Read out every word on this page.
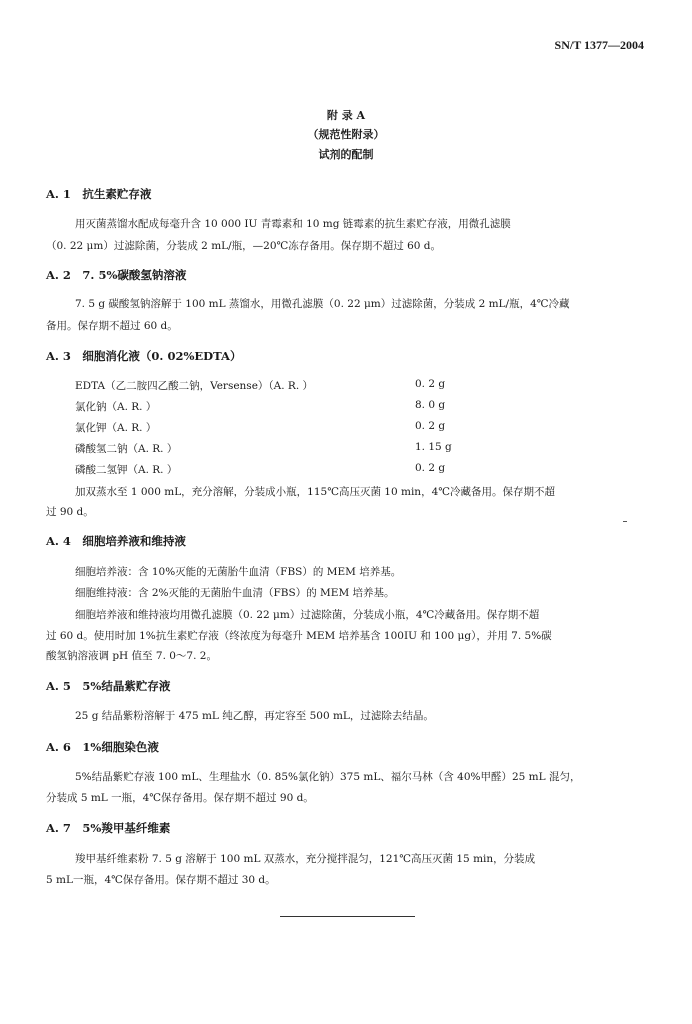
SN/T 1377—2004
附 录 A
（规范性附录）
试剂的配制
A. 1　抗生素贮存液
用灭菌蒸馏水配成每毫升含 10 000 IU 青霉素和 10 mg 链霉素的抗生素贮存液，用微孔滤膜
（0. 22 μm）过滤除菌，分装成 2 mL/瓶，—20℃冻存备用。保存期不超过 60 d。
A. 2　7. 5%碳酸氢钠溶液
7. 5 g 碳酸氢钠溶解于 100 mL 蒸馏水，用微孔滤膜（0. 22 μm）过滤除菌，分装成 2 mL/瓶，4℃冷藏
备用。保存期不超过 60 d。
A. 3　细胞消化液（0. 02%EDTA）
EDTA（乙二胺四乙酸二钠，Versense）（A. R. ）	0. 2 g
氯化钠（A. R. ）	8. 0 g
氯化钾（A. R. ）	0. 2 g
磷酸氢二钠（A. R. ）	1. 15 g
磷酸二氢钾（A. R. ）	0. 2 g
加双蒸水至 1 000 mL，充分溶解，分装成小瓶，115℃高压灭菌 10 min，4℃冷藏备用。保存期不超
过 90 d。
A. 4　细胞培养液和维持液
细胞培养液：含 10%灭能的无菌胎牛血清（FBS）的 MEM 培养基。
细胞维持液：含 2%灭能的无菌胎牛血清（FBS）的 MEM 培养基。
细胞培养液和维持液均用微孔滤膜（0. 22 μm）过滤除菌，分装成小瓶，4℃冷藏备用。保存期不超
过 60 d。使用时加 1%抗生素贮存液（终浓度为每毫升 MEM 培养基含 100IU 和 100 μg），并用 7. 5%碳
酸氢钠溶液调 pH 值至 7. 0～7. 2。
A. 5　5%结晶紫贮存液
25 g 结晶紫粉溶解于 475 mL 纯乙醇，再定容至 500 mL，过滤除去结晶。
A. 6　1%细胞染色液
5%结晶紫贮存液 100 mL、生理盐水（0. 85%氯化钠）375 mL、福尔马林（含 40%甲醛）25 mL 混匀，
分装成 5 mL 一瓶，4℃保存备用。保存期不超过 90 d。
A. 7　5%羧甲基纤维素
羧甲基纤维素粉 7. 5 g 溶解于 100 mL 双蒸水，充分搅拌混匀，121℃高压灭菌 15 min，分装成
5 mL一瓶，4℃保存备用。保存期不超过 30 d。
